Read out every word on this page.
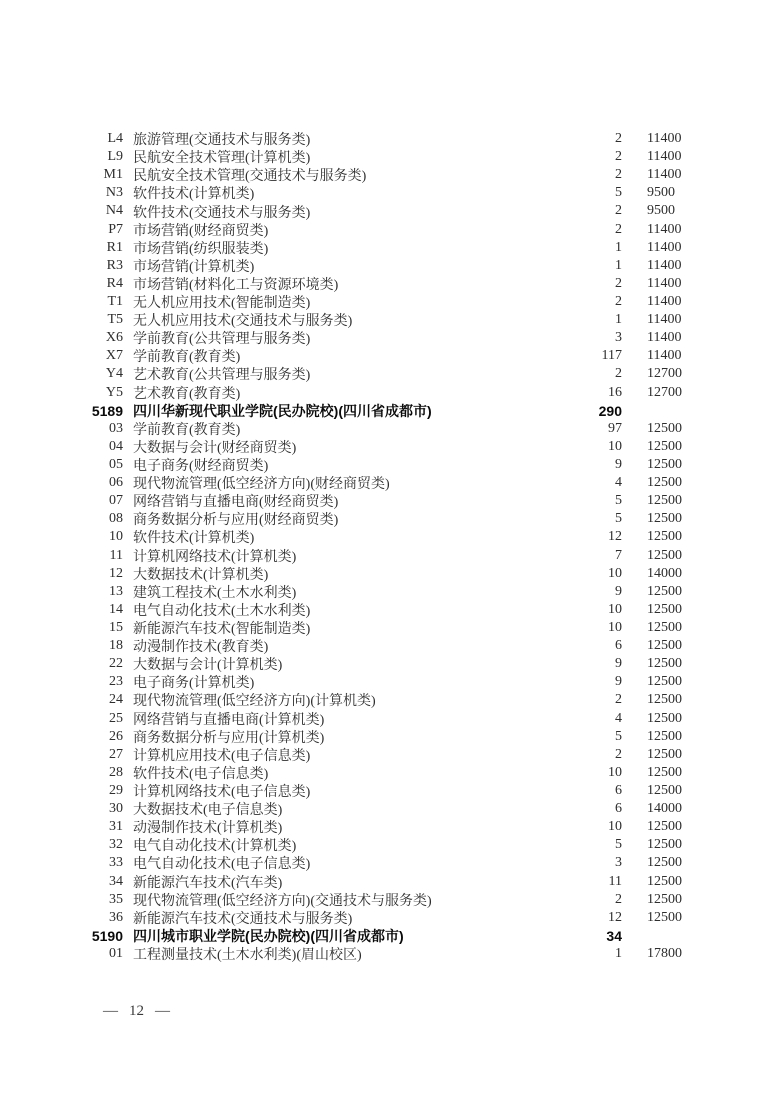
L4 旅游管理(交通技术与服务类)	2 11400
L9 民航安全技术管理(计算机类)	2 11400
M1 民航安全技术管理(交通技术与服务类)	2 11400
N3 软件技术(计算机类)	5 9500
N4 软件技术(交通技术与服务类)	2 9500
P7 市场营销(财经商贸类)	2 11400
R1 市场营销(纺织服装类)	1 11400
R3 市场营销(计算机类)	1 11400
R4 市场营销(材料化工与资源环境类)	2 11400
T1 无人机应用技术(智能制造类)	2 11400
T5 无人机应用技术(交通技术与服务类)	1 11400
X6 学前教育(公共管理与服务类)	3 11400
X7 学前教育(教育类)	117 11400
Y4 艺术教育(公共管理与服务类)	2 12700
Y5 艺术教育(教育类)	16 12700
5189 四川华新现代职业学院(民办院校)(四川省成都市)	290
03 学前教育(教育类)	97 12500
04 大数据与会计(财经商贸类)	10 12500
05 电子商务(财经商贸类)	9 12500
06 现代物流管理(低空经济方向)(财经商贸类)	4 12500
07 网络营销与直播电商(财经商贸类)	5 12500
08 商务数据分析与应用(财经商贸类)	5 12500
10 软件技术(计算机类)	12 12500
11 计算机网络技术(计算机类)	7 12500
12 大数据技术(计算机类)	10 14000
13 建筑工程技术(土木水利类)	9 12500
14 电气自动化技术(土木水利类)	10 12500
15 新能源汽车技术(智能制造类)	10 12500
18 动漫制作技术(教育类)	6 12500
22 大数据与会计(计算机类)	9 12500
23 电子商务(计算机类)	9 12500
24 现代物流管理(低空经济方向)(计算机类)	2 12500
25 网络营销与直播电商(计算机类)	4 12500
26 商务数据分析与应用(计算机类)	5 12500
27 计算机应用技术(电子信息类)	2 12500
28 软件技术(电子信息类)	10 12500
29 计算机网络技术(电子信息类)	6 12500
30 大数据技术(电子信息类)	6 14000
31 动漫制作技术(计算机类)	10 12500
32 电气自动化技术(计算机类)	5 12500
33 电气自动化技术(电子信息类)	3 12500
34 新能源汽车技术(汽车类)	11 12500
35 现代物流管理(低空经济方向)(交通技术与服务类)	2 12500
36 新能源汽车技术(交通技术与服务类)	12 12500
5190 四川城市职业学院(民办院校)(四川省成都市)	34
01 工程测量技术(土木水利类)(眉山校区)	1 17800
— 12 —
